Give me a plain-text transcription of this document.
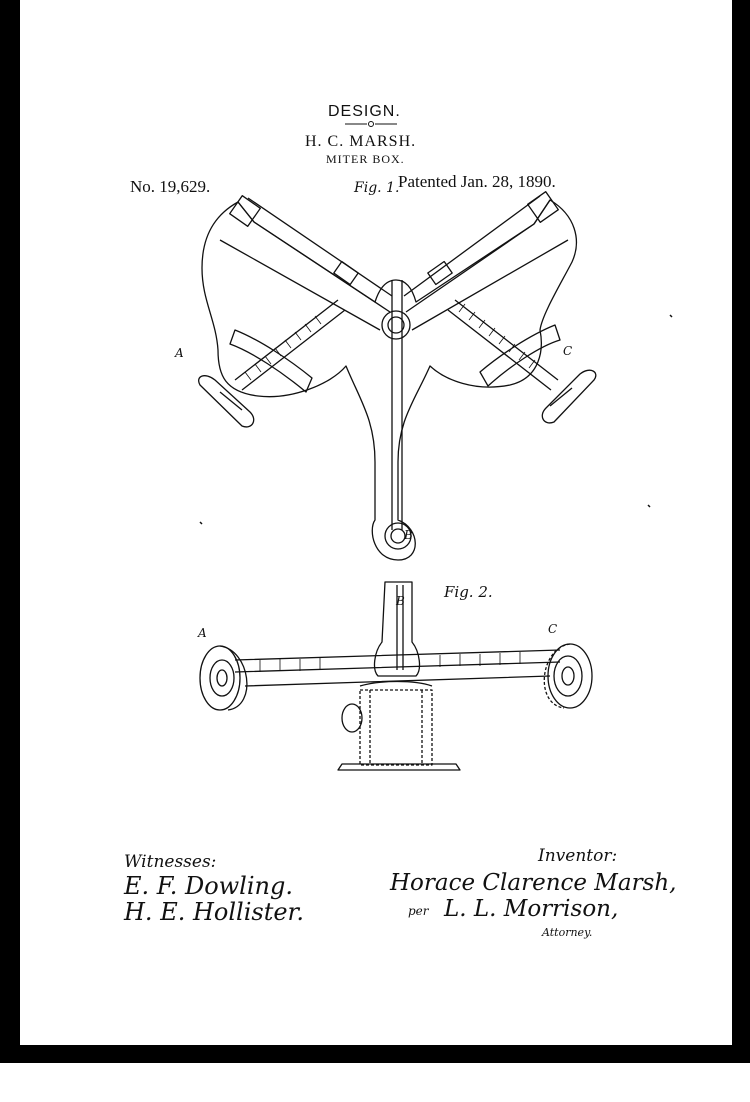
DESIGN.
H. C. MARSH.
MITER BOX.
No. 19,629.	Fig. 1.
Patented Jan. 28, 1890.
A	C
B
Fig. 2.
B
A	C
Witnesses:
E. F. Dowling.
H. E. Hollister.
Inventor:
Horace Clarence Marsh,
per L. L. Morrison,
Attorney.
